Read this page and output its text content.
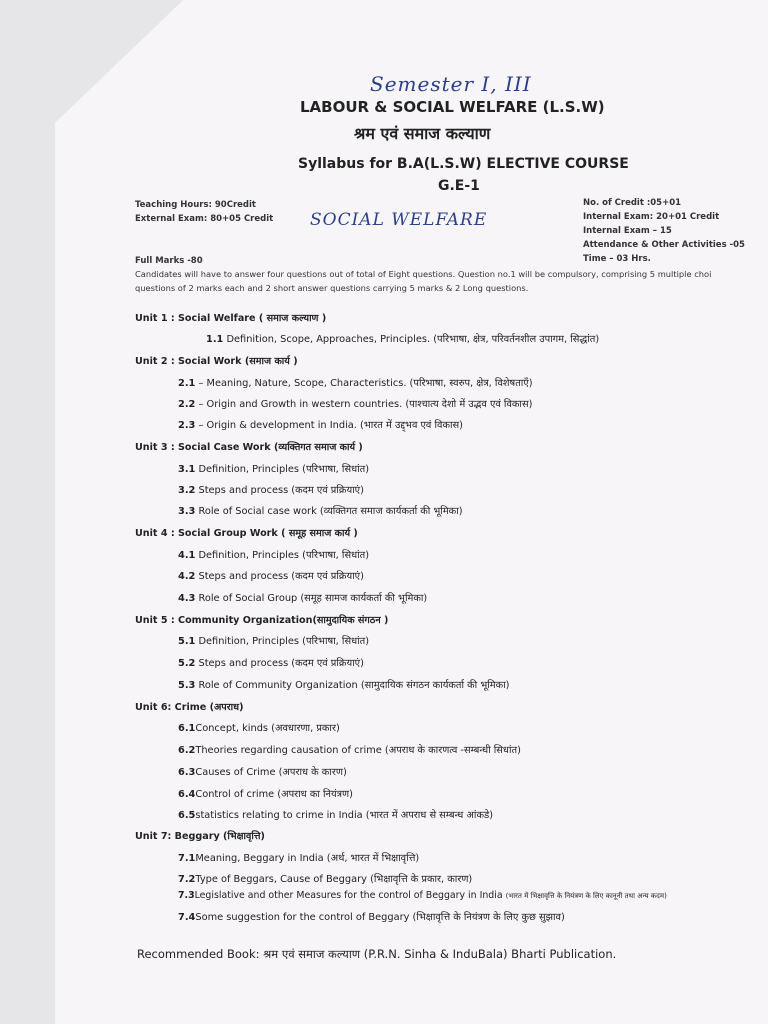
Semester I, III
LABOUR & SOCIAL WELFARE (L.S.W)
श्रम एवं समाज कल्याण
Syllabus for B.A(L.S.W) ELECTIVE COURSE
G.E-1
Teaching Hours: 90Credit
External Exam: 80+05 Credit SOCIAL WELFARE
No. of Credit :05+01
Internal Exam: 20+01 Credit
Internal Exam – 15
Attendance & Other Activities -05
Time – 03 Hrs.
Full Marks -80
Candidates will have to answer four questions out of total of Eight questions. Question no.1 will be compulsory, comprising 5 multiple choi
questions of 2 marks each and 2 short answer questions carrying 5 marks & 2 Long questions.
Unit 1 : Social Welfare ( समाज कल्याण )
1.1 Definition, Scope, Approaches, Principles. (परिभाषा, क्षेत्र, परिवर्तनशील उपागम, सिद्धांत)
Unit 2 : Social Work (समाज कार्य )
2.1 – Meaning, Nature, Scope, Characteristics. (परिभाषा, स्वरुप, क्षेत्र, विशेषताएँ)
2.2 – Origin and Growth in western countries. (पाश्चात्य देशो में उद्भव एवं विकास)
2.3 – Origin & development in India. (भारत में उद्द्भव एवं विकास)
Unit 3 : Social Case Work (व्यक्तिगत समाज कार्य )
3.1 Definition, Principles (परिभाषा, सिधांत)
3.2 Steps and process (कदम एवं प्रक्रियाएं)
3.3 Role of Social case work (व्यक्तिगत समाज कार्यकर्ता की भूमिका)
Unit 4 : Social Group Work ( समूह समाज कार्य )
4.1 Definition, Principles (परिभाषा, सिधांत)
4.2 Steps and process (कदम एवं प्रक्रियाएं)
4.3 Role of Social Group (समूह सामज कार्यकर्ता की भूमिका)
Unit 5 : Community Organization(सामुदायिक संगठन )
5.1 Definition, Principles (परिभाषा, सिधांत)
5.2 Steps and process (कदम एवं प्रक्रियाएं)
5.3 Role of Community Organization (सामुदायिक संगठन कार्यकर्ता की भूमिका)
Unit 6: Crime (अपराध)
6.1Concept, kinds (अवधारणा, प्रकार)
6.2Theories regarding causation of crime (अपराध के कारणत्व -सम्बन्धी सिधांत)
6.3Causes of Crime (अपराध के कारण)
6.4Control of crime (अपराध का नियंत्रण)
6.5statistics relating to crime in India (भारत में अपराध से सम्बन्ध आंकडे)
Unit 7: Beggary (भिक्षावृत्ति)
7.1Meaning, Beggary in India (अर्थ, भारत में भिक्षावृत्ति)
7.2Type of Beggars, Cause of Beggary (भिक्षावृत्ति के प्रकार, कारण)
7.3Legislative and other Measures for the control of Beggary in India (भारत में भिक्षावृत्ति के नियंत्रण के लिए कानूनी तथा अन्य कदम)
7.4Some suggestion for the control of Beggary (भिक्षावृत्ति के नियंत्रण के लिए कुछ सुझाव)
Recommended Book: श्रम एवं समाज कल्याण (P.R.N. Sinha & InduBala) Bharti Publication.
